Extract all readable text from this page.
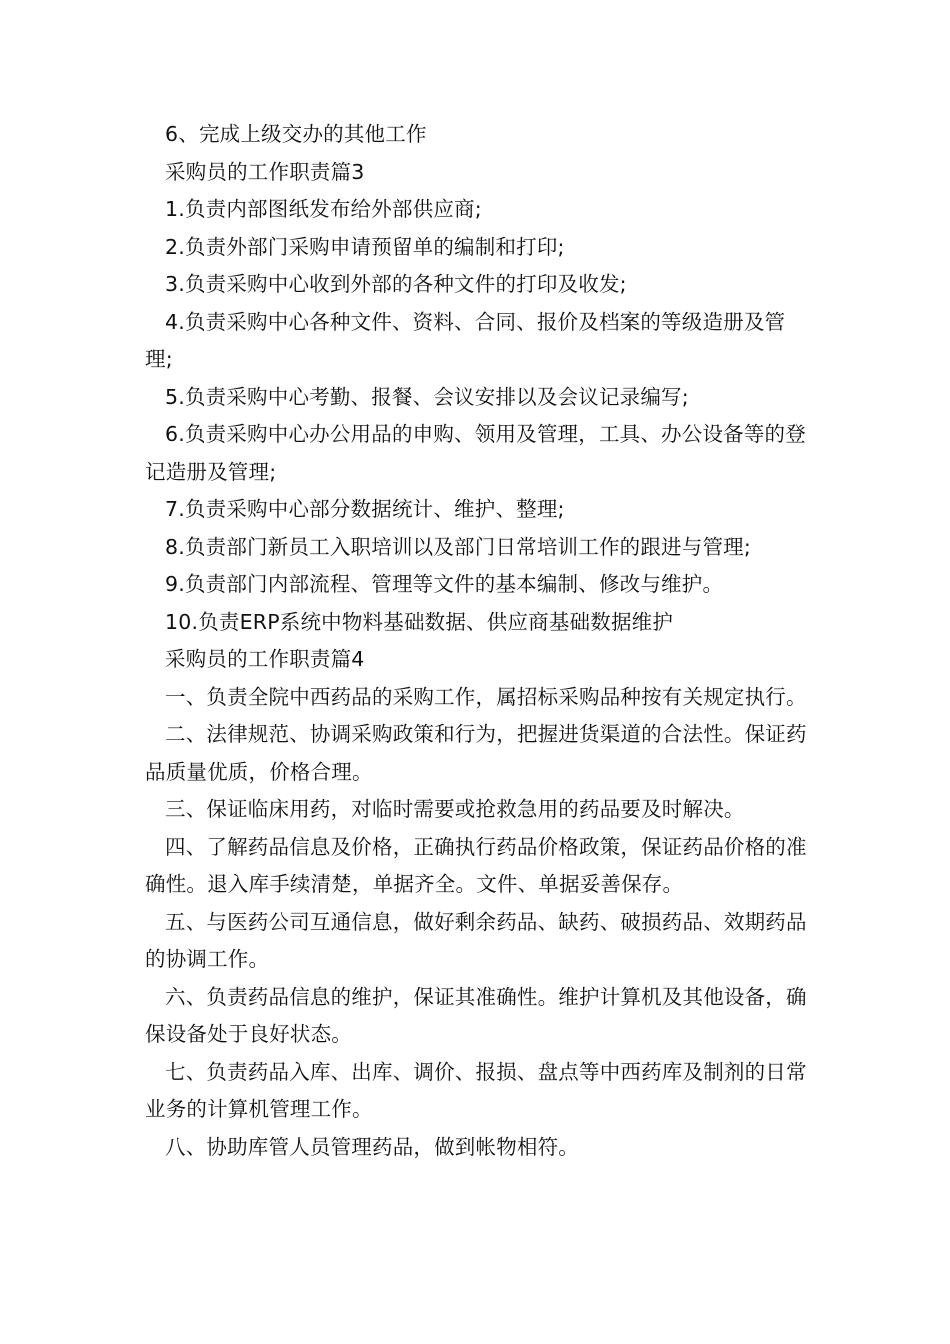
6、完成上级交办的其他工作

采购员的工作职责篇3

1.负责内部图纸发布给外部供应商;

2.负责外部门采购申请预留单的编制和打印;

3.负责采购中心收到外部的各种文件的打印及收发;

4.负责采购中心各种文件、资料、合同、报价及档案的等级造册及管理;

5.负责采购中心考勤、报餐、会议安排以及会议记录编写;

6.负责采购中心办公用品的申购、领用及管理，工具、办公设备等的登记造册及管理;

7.负责采购中心部分数据统计、维护、整理;

8.负责部门新员工入职培训以及部门日常培训工作的跟进与管理;

9.负责部门内部流程、管理等文件的基本编制、修改与维护。

10.负责ERP系统中物料基础数据、供应商基础数据维护

采购员的工作职责篇4

一、负责全院中西药品的采购工作，属招标采购品种按有关规定执行。

二、法律规范、协调采购政策和行为，把握进货渠道的合法性。保证药品质量优质，价格合理。

三、保证临床用药，对临时需要或抢救急用的药品要及时解决。

四、了解药品信息及价格，正确执行药品价格政策，保证药品价格的准确性。退入库手续清楚，单据齐全。文件、单据妥善保存。

五、与医药公司互通信息，做好剩余药品、缺药、破损药品、效期药品的协调工作。

六、负责药品信息的维护，保证其准确性。维护计算机及其他设备，确保设备处于良好状态。

七、负责药品入库、出库、调价、报损、盘点等中西药库及制剂的日常业务的计算机管理工作。

八、协助库管人员管理药品，做到帐物相符。
